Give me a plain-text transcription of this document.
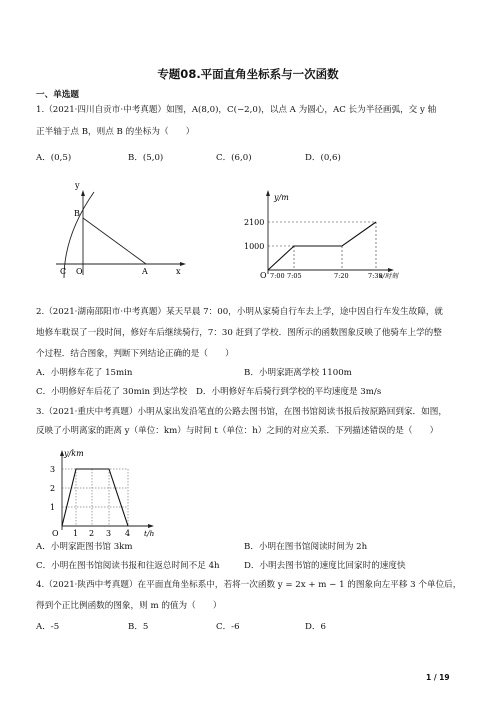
专题08.平面直角坐标系与一次函数
一、单选题
1.（2021·四川自贡市·中考真题）如图，A(8,0)，C(−2,0)，以点 A 为圆心，AC 长为半径画弧，交 y 轴
正半轴于点 B，则点 B 的坐标为（　　）
A．(0,5)	B．(5,0)	C．(6,0)	D．(0,6)
y
B
C O	A	x
y/m
2100
1000
O 7:00 7:05	7:20	7:30
x/时刻
2.（2021·湖南邵阳市·中考真题）某天早晨 7：00，小明从家骑自行车去上学，途中因自行车发生故障，就
地修车耽误了一段时间，修好车后继续骑行，7：30 赶到了学校．图所示的函数图象反映了他骑车上学的整
个过程．结合图象，判断下列结论正确的是（　　）
A．小明修车花了 15min	B．小明家距离学校 1100m
C．小明修好车后花了 30min 到达学校 D．小明修好车后骑行到学校的平均速度是 3m/s
3.（2021·重庆中考真题）小明从家出发沿笔直的公路去图书馆，在图书馆阅读书报后按原路回到家．如图，
反映了小明离家的距离 y（单位：km）与时间 t（单位：h）之间的对应关系．下列描述错误的是（　　）
y/km
3
2
1
O 1 2 3 4 t/h
A．小明家距图书馆 3km	B．小明在图书馆阅读时间为 2h
C．小明在图书馆阅读书报和往返总时间不足 4h	D．小明去图书馆的速度比回家时的速度快
4.（2021·陕西中考真题）在平面直角坐标系中，若将一次函数 y = 2x + m − 1 的图象向左平移 3 个单位后，
得到个正比例函数的图象，则 m 的值为（　　）
A．-5	B．5	C．-6	D．6
1 / 19
